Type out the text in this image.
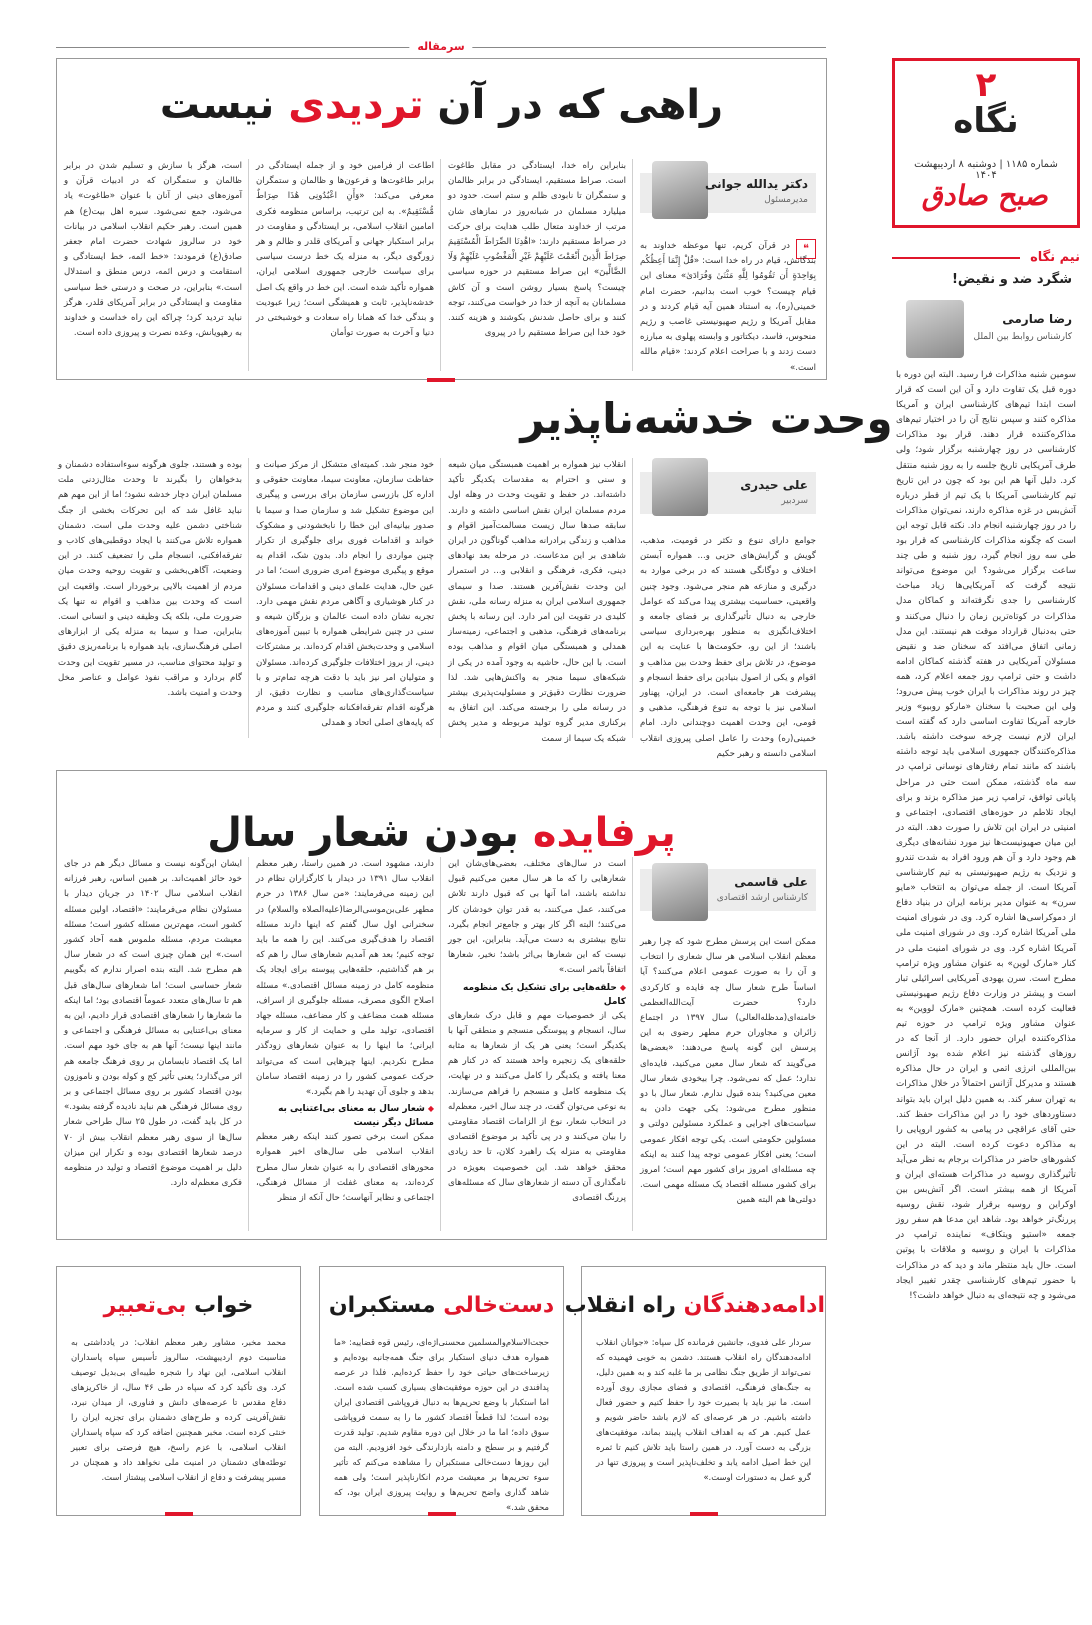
۲
نگاه
شماره ۱۱۸۵ | دوشنبه ۸ اردیبهشت ۱۴۰۴
صبح صادق
نیم نگاه
شگرد ضد و نقیض!
رضا صارمی
کارشناس روابط بین الملل
سومین شنبه مذاکرات فرا رسید. البته این دوره با دوره قبل یک تفاوت دارد و آن این است که قرار است ابتدا تیم‌های کارشناسی ایران و آمریکا مذاکره کنند و سپس نتایج آن را در اختیار تیم‌های مذاکره‌کننده قرار دهند. قرار بود مذاکرات کارشناسی در روز چهارشنبه برگزار شود؛ ولی طرف آمریکایی تاریخ جلسه را به روز شنبه منتقل کرد. دلیل آنها هم این بود که چون در این تاریخ تیم کارشناسی آمریکا با یک تیم از قطر درباره آتش‌بس در غزه مذاکره دارند، نمی‌توان مذاکرات را در روز چهارشنبه انجام داد. نکته قابل توجه این است که چگونه مذاکرات کارشناسی که قرار بود طی سه روز انجام گیرد، روز شنبه و طی چند ساعت برگزار می‌شود؟ این موضوع می‌تواند نتیجه گرفت که آمریکایی‌ها زیاد مباحث کارشناسی را جدی نگرفته‌اند و کماکان مدل مذاکرات در کوتاه‌ترین زمان را دنبال می‌کنند و حتی به‌دنبال قرارداد موقت هم نیستند. این مدل زمانی اتفاق می‌افتد که سخنان ضد و نقیض مسئولان آمریکایی در هفته گذشته کماکان ادامه داشت و حتی ترامپ روز جمعه اعلام کرد، همه چیز در روند مذاکرات با ایران خوب پیش می‌رود؛ ولی این صحبت با سخنان «مارکو روبیو» وزیر خارجه آمریکا تفاوت اساسی دارد که گفته است ایران لازم نیست چرخه سوخت داشته باشد. مذاکره‌کنندگان جمهوری اسلامی باید توجه داشته باشند که مانند تمام رفتارهای نوسانی ترامپ در سه ماه گذشته، ممکن است حتی در مراحل پایانی توافق، ترامپ زیر میز مذاکره بزند و برای ایجاد تلاطم در حوزه‌های اقتصادی، اجتماعی و امنیتی در ایران این تلاش را صورت دهد. البته در این میان صهیونیست‌ها نیز مورد نشانه‌های دیگری هم وجود دارد و آن هم ورود افراد به شدت تندرو و نزدیک به رژیم صهیونیستی به تیم کارشناسی آمریکا است. از جمله می‌توان به انتخاب «مایو سرن» به عنوان مدیر برنامه ایران در بنیاد دفاع از دموکراسی‌ها اشاره کرد. وی در شورای امنیت ملی آمریکا اشاره کرد. وی در شورای امنیت ملی آمریکا اشاره کرد. وی در شورای امنیت ملی در کنار «مارک لوین» به عنوان مشاور ویژه ترامپ مطرح است. سرن یهودی آمریکایی اسرائیلی تبار است و پیشتر در وزارت دفاع رژیم صهیونیستی فعالیت کرده است. همچنین «مارک لووین» به عنوان مشاور ویژه ترامپ در حوزه تیم مذاکره‌کننده ایران حضور دارد. از آنجا که در روزهای گذشته نیز اعلام شده بود آژانس بین‌المللی انرژی اتمی و ایران در حال مذاکره هستند و مدیرکل آژانس احتمالاً در خلال مذاکرات به تهران سفر کند. به همین دلیل ایران باید بتواند دستاوردهای خود را در این مذاکرات حفظ کند. حتی آقای عراقچی در پیامی به کشور اروپایی را به مذاکره دعوت کرده است. البته در این کشورهای حاضر در مذاکرات برجام به نظر می‌آید تأثیرگذاری روسیه در مذاکرات هسته‌ای ایران و آمریکا از همه بیشتر است. اگر آتش‌بس بین اوکراین و روسیه برقرار شود، نقش روسیه پررنگ‌تر خواهد بود. شاهد این مدعا هم سفر روز جمعه «استیو ویتکاف» نماینده ترامپ در مذاکرات با ایران و روسیه و ملاقات با پوتین است. حال باید منتظر ماند و دید که در مذاکرات با حضور تیم‌های کارشناسی چقدر تغییر ایجاد می‌شود و چه نتیجه‌ای به دنبال خواهد داشت؟!
سرمقاله
راهی که در آن تردیدی نیست
دکتر یدالله جوانی
مدیرمسئول
❝
در قرآن کریم، تنها موعظه خداوند به بندگانش، قیام در راه خدا است: «قُلْ إِنَّمَا أَعِظُکُم بِوَاحِدَةٍ أَن تَقُومُوا لِلَّهِ مَثْنَىٰ وَفُرَادَىٰ» معنای این قیام چیست؟ خوب است بدانیم، حضرت امام خمینی(ره)، به استناد همین آیه قیام کردند و در مقابل آمریکا و رژیم صهیونیستی غاصب و رژیم منحوس، فاسد، دیکتاتور و وابسته پهلوی به مبارزه دست زدند و با صراحت اعلام کردند: «قیام مالله است.»
بنابراین راه خدا، ایستادگی در مقابل طاغوت است. صراط مستقیم، ایستادگی در برابر ظالمان و ستمگران تا نابودی ظلم و ستم است. حدود دو میلیارد مسلمان در شبانه‌روز در نمازهای شان مرتب از خداوند متعال طلب هدایت برای حرکت در صراط مستقیم دارند: «اهْدِنَا الصِّرَاطَ الْمُسْتَقِیمَ صِرَاطَ الَّذِینَ أَنْعَمْتَ عَلَیْهِمْ غَیْرِ الْمَغْضُوبِ عَلَیْهِمْ وَلَا الضَّالِّینَ» این صراط مستقیم در حوزه سیاسی چیست؟ پاسخ بسیار روشن است و آن کاش مسلمانان به آنچه از خدا در خواست می‌کنند، توجه کنند و برای حاصل شدنش بکوشند و هزینه کنند. خود خدا این صراط مستقیم را در پیروی
اطاعت از فرامین خود و از جمله ایستادگی در برابر طاغوت‌ها و فرعون‌ها و ظالمان و ستمگران معرفی می‌کند: «وَأَنِ اعْبُدُونِی هَٰذَا صِرَاطٌ مُّسْتَقِیمٌ». به این ترتیب، براساس منظومه فکری امامین انقلاب اسلامی، بر ایستادگی و مقاومت در برابر استکبار جهانی و آمریکای قلدر و ظالم و هر زورگوی دیگر، به منزله یک خط درست سیاسی برای سیاست خارجی جمهوری اسلامی ایران، همواره تأکید شده است. این خط در واقع یک اصل خدشه‌ناپذیر، ثابت و همیشگی است؛ زیرا عبودیت و بندگی خدا که همانا راه سعادت و خوشبختی در دنیا و آخرت به صورت توأمان
است، هرگز با سازش و تسلیم شدن در برابر ظالمان و ستمگران که در ادبیات قرآن و آموزه‌های دینی از آنان با عنوان «طاغوت» یاد می‌شود، جمع نمی‌شود. سیره اهل بیت(ع) هم همین است. رهبر حکیم انقلاب اسلامی در بیانات خود در سالروز شهادت حضرت امام جعفر صادق(ع) فرمودند: «خط ائمه، خط ایستادگی و استقامت و درس ائمه، درس منطق و استدلال است.» بنابراین، در صحت و درستی خط سیاسی مقاومت و ایستادگی در برابر آمریکای قلدر، هرگز نباید تردید کرد؛ چراکه این راه خداست و خداوند به رهپویانش، وعده نصرت و پیروزی داده است.
وحدت خدشه‌ناپذیر
علی حیدری
سردبیر
جوامع دارای تنوع و تکثر در قومیت، مذهب، گویش و گرایش‌های حزبی و... همواره آبستن اختلاف و دوگانگی هستند که در برخی موارد به درگیری و منازعه هم منجر می‌شود. وجود چنین واقعیتی، حساسیت بیشتری پیدا می‌کند که عوامل خارجی به دنبال تأثیرگذاری بر فضای جامعه و اختلاف‌انگیزی به منظور بهره‌برداری سیاسی باشند؛ از این رو، حکومت‌ها با عنایت به این موضوع، در تلاش برای حفظ وحدت بین مذاهب و اقوام و یکی از اصول بنیادین برای حفظ انسجام و پیشرفت هر جامعه‌ای است. در ایران، پهناور اسلامی نیز با توجه به تنوع فرهنگی، مذهبی و قومی، این وحدت اهمیت دوچندانی دارد. امام خمینی(ره) وحدت را عامل اصلی پیروزی انقلاب اسلامی دانسته و رهبر حکیم
انقلاب نیز همواره بر اهمیت همبستگی میان شیعه و سنی و احترام به مقدسات یکدیگر تأکید داشته‌اند. در حفظ و تقویت وحدت در وهله اول مردم مسلمان ایران نقش اساسی داشته و دارند. سابقه صدها سال زیست مسالمت‌آمیز اقوام و مذاهب و زندگی برادرانه مذاهب گوناگون در ایران شاهدی بر این مدعاست. در مرحله بعد نهادهای دینی، فکری، فرهنگی و انقلابی و... در استمرار این وحدت نقش‌آفرین هستند. صدا و سیمای جمهوری اسلامی ایران به منزله رسانه ملی، نقش کلیدی در تقویت این امر دارد. این رسانه با پخش برنامه‌های فرهنگی، مذهبی و اجتماعی، زمینه‌ساز همدلی و همبستگی میان اقوام و مذاهب بوده است. با این حال، حاشیه به وجود آمده در یکی از شبکه‌های سیما منجر به واکنش‌هایی شد. لذا ضرورت نظارت دقیق‌تر و مسئولیت‌پذیری بیشتر در رسانه ملی را برجسته می‌کند. این اتفاق به برکناری مدیر گروه تولید مربوطه و مدیر پخش شبکه یک سیما از سمت
خود منجر شد. کمیته‌ای متشکل از مرکز صیانت و حفاظت سازمان، معاونت سیما، معاونت حقوقی و اداره کل بازرسی سازمان برای بررسی و پیگیری این موضوع تشکیل شد و سازمان صدا و سیما با صدور بیانیه‌ای این خطا را نابخشودنی و مشکوک خواند و اقدامات فوری برای جلوگیری از تکرار چنین مواردی را انجام داد. بدون شک، اقدام به موقع و پیگیری موضوع امری ضروری است؛ اما در عین حال، هدایت علمای دینی و اقدامات مسئولان در کنار هوشیاری و آگاهی مردم نقش مهمی دارد. تجربه نشان داده است عالمان و بزرگان شیعه و سنی در چنین شرایطی همواره با تبیین آموزه‌های اسلامی و وحدت‌بخش اقدام کرده‌اند. بر مشترکات دینی، از بروز اختلافات جلوگیری کرده‌اند. مسئولان و متولیان امر نیز باید با دقت هرچه تمام‌تر و با سیاست‌گذاری‌های مناسب و نظارت دقیق، از هرگونه اقدام تفرقه‌افکنانه جلوگیری کنند و مردم که پایه‌های اصلی اتحاد و همدلی
بوده و هستند، جلوی هرگونه سوءاستفاده دشمنان و بدخواهان را بگیرند تا وحدت مثال‌زدنی ملت مسلمان ایران دچار خدشه نشود؛ اما از این مهم هم نباید غافل شد که این تحرکات بخشی از جنگ شناختی دشمن علیه وحدت ملی است. دشمنان همواره تلاش می‌کنند با ایجاد دوقطبی‌های کاذب و تفرقه‌افکنی، انسجام ملی را تضعیف کنند. در این وضعیت، آگاهی‌بخشی و تقویت روحیه وحدت میان مردم از اهمیت بالایی برخوردار است. واقعیت این است که وحدت بین مذاهب و اقوام نه تنها یک ضرورت ملی، بلکه یک وظیفه دینی و انسانی است. بنابراین، صدا و سیما به منزله یکی از ابزارهای اصلی فرهنگ‌سازی، باید همواره با برنامه‌ریزی دقیق و تولید محتوای مناسب، در مسیر تقویت این وحدت گام بردارد و مراقب نفوذ عوامل و عناصر مخل وحدت و امنیت باشد.
پرفایده بودن شعار سال
علی قاسمی
کارشناس ارشد اقتصادی
ممکن است این پرسش مطرح شود که چرا رهبر معظم انقلاب اسلامی هر سال شعاری را انتخاب و آن را به صورت عمومی اعلام می‌کنند؟ آیا اساساً طرح شعار سال چه فایده و کارکردی دارد؟ حضرت آیت‌الله‌العظمی خامنه‌ای(مدظله‌العالی) سال ۱۳۹۷ در اجتماع زائران و مجاوران حرم مطهر رضوی به این پرسش این گونه پاسخ می‌دهند: «بعضی‌ها می‌گویند که شعار سال معین می‌کنید، فایده‌ای ندارد؛ عمل که نمی‌شود. چرا بیخودی شعار سال معین می‌کنید؟ بنده قبول ندارم. شعار سال با دو منظور مطرح می‌شود: یکی جهت دادن به سیاست‌های اجرایی و عملکرد مسئولین دولتی و مسئولین حکومتی است. یکی توجه افکار عمومی است؛ یعنی افکار عمومی توجه پیدا کنند به اینکه چه مسئله‌ای امروز برای کشور مهم است؛ امروز برای کشور مسئله اقتصاد یک مسئله مهمی است. دولتی‌ها هم البته همین
است در سال‌های مختلف، بعضی‌های‌شان این شعارهایی را که ما هر سال معین می‌کنیم قبول نداشته باشند، اما آنها بی که قبول دارند تلاش می‌کنند، عمل می‌کنند، به قدر توان خودشان کار می‌کنند؛ البته اگر کار بهتر و جامع‌تر انجام بگیرد، نتایج بیشتری به دست می‌آید. بنابراین، این جور نیست که این شعارها بی‌اثر باشد؛ نخیر، شعارها اتفاقاً باثمر است.»
◆ حلقه‌هایی برای تشکیل یک منظومه کامل
یکی از خصوصیات مهم و قابل درک شعارهای سال، انسجام و پیوستگی منسجم و منطقی آنها با یکدیگر است؛ یعنی هر یک از شعارها به مثابه حلقه‌های یک زنجیره واحد هستند که در کنار هم معنا یافته و یکدیگر را کامل می‌کنند و در نهایت، یک منظومه کامل و منسجم را فراهم می‌سازند. به نوعی می‌توان گفت، در چند سال اخیر، معظم‌له در انتخاب شعار، نوع از الزامات اقتصاد مقاومتی را بیان می‌کنند و در پی تأکید بر موضوع اقتصادی مقاومتی به منزله یک راهبرد کلان، تا حد زیادی محقق خواهد شد. این خصوصیت بعویژه در نامگذاری آن دسته از شعارهای سال که مسئله‌های پررنگ اقتصادی
دارند، مشهود است. در همین راستا، رهبر معظم انقلاب سال ۱۳۹۱ در دیدار با کارگزاران نظام در این زمینه می‌فرمایند: «من سال ۱۳۸۶ در حرم مطهر علی‌بن‌موسی‌الرضا(علیه‌الصلاه والسلام) در سخنرانی اول سال گفتم که اینها دارند مسئله اقتصاد را هدف‌گیری می‌کنند. این را همه ما باید توجه کنیم؛ بعد هم آمدیم شعارهای سال را هم که بر هم گذاشتیم، حلقه‌هایی پیوسته برای ایجاد یک منظومه کامل در زمینه مسائل اقتصادی.» مسئله اصلاح الگوی مصرف، مسئله جلوگیری از اسراف، مسئله همت مضاعف و کار مضاعف، مسئله جهاد اقتصادی، تولید ملی و حمایت از کار و سرمایه ایرانی؛ ما اینها را به عنوان شعارهای زودگذر مطرح نکردیم. اینها چیزهایی است که می‌تواند حرکت عمومی کشور را در زمینه اقتصاد سامان بدهد و جلوی آن تهدید را هم بگیرد.»
◆ شعار سال به معنای بی‌اعتنایی به مسائل دیگر نیست
ممکن است برخی تصور کنند اینکه رهبر معظم انقلاب اسلامی طی سال‌های اخیر همواره محورهای اقتصادی را به عنوان شعار سال مطرح کرده‌اند، به معنای غفلت از مسائل فرهنگی، اجتماعی و نظایر آنهاست؛ حال آنکه از منظر
ایشان این‌گونه نیست و مسائل دیگر هم در جای خود حائز اهمیت‌اند. بر همین اساس، رهبر فرزانه انقلاب اسلامی سال ۱۴۰۲ در جریان دیدار با مسئولان نظام می‌فرمایند: «اقتصاد، اولین مسئله کشور است، مهم‌ترین مسئله کشور است؛ مسئله معیشت مردم، مسئله ملموس همه آحاد کشور است.» این همان چیزی است که در شعار سال هم مطرح شد. البته بنده اصرار ندارم که بگوییم شعار حساسی است؛ اما شعارهای سال‌های قبل هم تا سال‌های متعدد عموماً اقتصادی بود؛ اما اینکه ما شعارها را شعارهای اقتصادی قرار دادیم، این به معنای بی‌اعتنایی به مسائل فرهنگی و اجتماعی و مانند اینها نیست؛ آنها هم به جای خود مهم است. اما یک اقتصاد نابسامان بر روی فرهنگ جامعه هم اثر می‌گذارد؛ یعنی تأثیر کج و کوله بودن و ناموزون بودن اقتصاد کشور بر روی مسائل اجتماعی و بر روی مسائل فرهنگی هم نباید نادیده گرفته بشود.» در کل باید گفت، در طول ۲۵ سال طراحی شعار سال‌ها از سوی رهبر معظم انقلاب بیش از ۷۰ درصد شعارها اقتصادی بوده و تکرار این میزان دلیل بر اهمیت موضوع اقتصاد و تولید در منظومه فکری معظم‌له دارد.
ادامه‌دهندگان راه انقلاب
سردار علی فدوی، جانشین فرمانده کل سپاه: «جوانان انقلاب ادامه‌دهندگان راه انقلاب هستند. دشمن به خوبی فهمیده که نمی‌تواند از طریق جنگ نظامی بر ما غلبه کند و به همین دلیل، به جنگ‌های فرهنگی، اقتصادی و فضای مجازی روی آورده است. ما نیز باید با بصیرت خود را حفظ کنیم و حضور فعال داشته باشیم. در هر عرصه‌ای که لازم باشد حاضر شویم و عمل کنیم. هر که به اهداف انقلاب پایبند بماند، موفقیت‌های بزرگی به دست آورد. در همین راستا باید تلاش کنیم تا ثمره این خط اصیل ادامه یابد و تخلف‌ناپذیر است و پیروزی تنها در گرو عمل به دستورات اوست.»
دست‌خالی مستکبران
حجت‌الاسلام‌والمسلمین محسنی‌اژه‌ای، رئیس قوه قضاییه: «ما همواره هدف دنیای استکبار برای جنگ همه‌جانبه بوده‌ایم و زیرساخت‌های حیاتی خود را حفظ کرده‌ایم. فلذا در عرصه پدافندی در این حوزه موفقیت‌های بسیاری کسب شده است. اما استکبار با وضع تحریم‌ها به دنبال فروپاشی اقتصادی ایران بوده است؛ لذا قطعاً اقتصاد کشور ما را به سمت فروپاشی سوق داده؛ اما ما در خلال این دوره مقاوم شدیم. تولید قدرت گرفتیم و بر سطح و دامنه بازدارندگی خود افزودیم. البته من این روزها دست‌خالی مستکبران را مشاهده می‌کنم که تأثیر سوء تحریم‌ها بر معیشت مردم انکارناپذیر است؛ ولی همه شاهد گذاری واضح تحریم‌ها و روایت پیروزی ایران بود، که محقق شد.»
خواب بی‌تعبیر
محمد مخبر، مشاور رهبر معظم انقلاب: در یادداشتی به مناسبت دوم اردیبهشت، سالروز تأسیس سپاه پاسداران انقلاب اسلامی، این نهاد را شجره طیبه‌ای بی‌بدیل توصیف کرد. وی تأکید کرد که سپاه در طی ۴۶ سال، از خاکریزهای دفاع مقدس تا عرصه‌های دانش و فناوری، از میدان نبرد، نقش‌آفرینی کرده و طرح‌های دشمنان برای تجزیه ایران را خنثی کرده است. مخبر همچنین اضافه کرد که سپاه پاسداران انقلاب اسلامی، با عزم راسخ، هیچ فرصتی برای تعبیر توطئه‌های دشمنان در امنیت ملی نخواهد داد و همچنان در مسیر پیشرفت و دفاع از انقلاب اسلامی پیشتاز است.
